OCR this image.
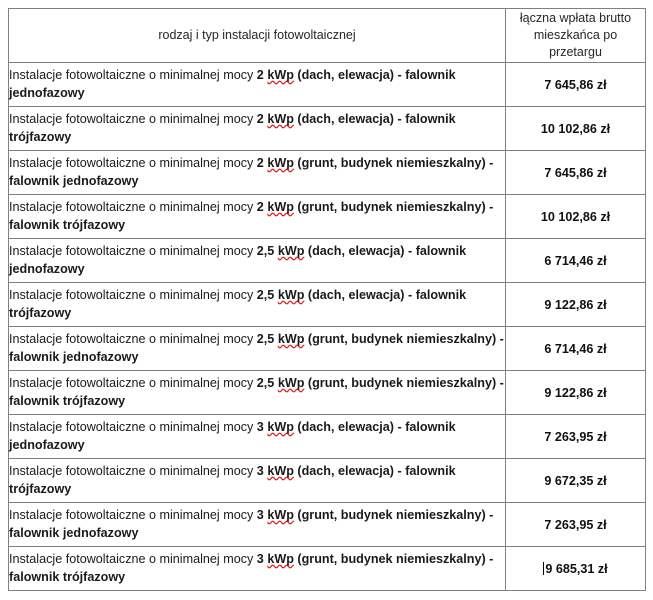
rodzaj i typ instalacji fotowoltaicznej	łączna wpłata brutto mieszkańca po przetargu
Instalacje fotowoltaiczne o minimalnej mocy 2 kWp (dach, elewacja) - falownik jednofazowy	7 645,86 zł
Instalacje fotowoltaiczne o minimalnej mocy 2 kWp (dach, elewacja) - falownik trójfazowy	10 102,86 zł
Instalacje fotowoltaiczne o minimalnej mocy 2 kWp (grunt, budynek niemieszkalny) - falownik jednofazowy	7 645,86 zł
Instalacje fotowoltaiczne o minimalnej mocy 2 kWp (grunt, budynek niemieszkalny) - falownik trójfazowy	10 102,86 zł
Instalacje fotowoltaiczne o minimalnej mocy 2,5 kWp (dach, elewacja) - falownik jednofazowy	6 714,46 zł
Instalacje fotowoltaiczne o minimalnej mocy 2,5 kWp (dach, elewacja) - falownik trójfazowy	9 122,86 zł
Instalacje fotowoltaiczne o minimalnej mocy 2,5 kWp (grunt, budynek niemieszkalny) - falownik jednofazowy	6 714,46 zł
Instalacje fotowoltaiczne o minimalnej mocy 2,5 kWp (grunt, budynek niemieszkalny) - falownik trójfazowy	9 122,86 zł
Instalacje fotowoltaiczne o minimalnej mocy 3 kWp (dach, elewacja) - falownik jednofazowy	7 263,95 zł
Instalacje fotowoltaiczne o minimalnej mocy 3 kWp (dach, elewacja) - falownik trójfazowy	9 672,35 zł
Instalacje fotowoltaiczne o minimalnej mocy 3 kWp (grunt, budynek niemieszkalny) - falownik jednofazowy	7 263,95 zł
Instalacje fotowoltaiczne o minimalnej mocy 3 kWp (grunt, budynek niemieszkalny) - falownik trójfazowy	9 685,31 zł
